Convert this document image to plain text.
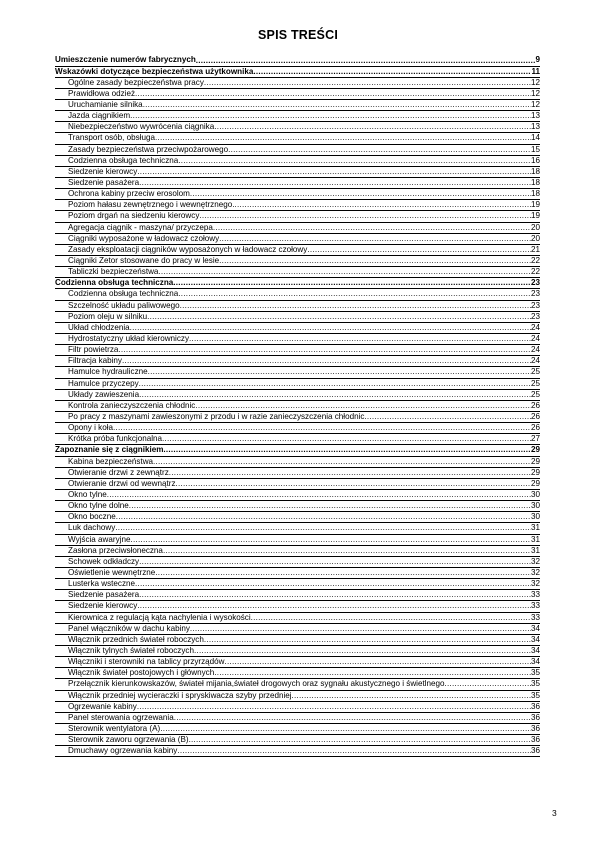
SPIS TREŚCI
Umieszczenie numerów fabrycznych .....	9
Wskazówki dotyczące bezpieczeństwa użytkownika .....	11
Ogólne zasady bezpieczeństwa pracy .....	12
Prawidłowa odzież .....	12
Uruchamianie silnika .....	12
Jazda ciągnikiem .....	13
Niebezpieczeństwo wywrócenia ciągnika .....	13
Transport osób, obsługa .....	14
Zasady bezpieczeństwa przeciwpożarowego .....	15
Codzienna obsługa techniczna .....	16
Siedzenie kierowcy .....	18
Siedzenie pasażera .....	18
Ochrona kabiny przeciw erosolom .....	18
Poziom hałasu zewnętrznego i wewnętrznego. .....	19
Poziom drgań na siedzeniu kierowcy .....	19
Agregacja ciągnik - maszyna/ przyczepa .....	20
Ciągniki wyposażone w ładowacz czołowy .....	20
Zasady eksploatacji ciągników wyposażonych w ładowacz czołowy .....	21
Ciągniki Zetor stosowane do pracy w lesie .....	22
Tabliczki bezpieczeństwa .....	22
Codzienna obsługa techniczna .....	23
Codzienna obsługa techniczna .....	23
Szczelność układu paliwowego .....	23
Poziom oleju w silniku .....	23
Układ chłodzenia .....	24
Hydrostatyczny układ kierowniczy .....	24
Filtr powietrza .....	24
Filtracja kabiny .....	24
Hamulce hydrauliczne .....	25
Hamulce przyczepy .....	25
Układy zawieszenia .....	25
Kontrola zanieczyszczenia chłodnic .....	26
Po pracy z maszynami zawieszonymi z przodu i w razie zanieczyszczenia chłodnic .....	26
Opony i koła .....	26
Krótka próba funkcjonalna .....	27
Zapoznanie się z ciągnikiem .....	29
Kabina bezpieczeństwa .....	29
Otwieranie drzwi z zewnątrz .....	29
Otwieranie drzwi od wewnątrz .....	29
Okno tylne .....	30
Okno tylne dolne .....	30
Okno boczne .....	30
Luk dachowy .....	31
Wyjścia awaryjne .....	31
Zasłona przeciwsłoneczna .....	31
Schowek odkładczy .....	32
Oświetlenie wewnętrzne .....	32
Lusterka wsteczne .....	32
Siedzenie pasażera .....	33
Siedzenie kierowcy .....	33
Kierownica z regulacją kąta nachylenia i wysokości .....	33
Panel włączników w dachu kabiny .....	34
Włącznik przednich świateł roboczych .....	34
Włącznik tylnych świateł roboczych .....	34
Włączniki i sterowniki na tablicy przyrządów .....	34
Włącznik świateł postojowych i głównych .....	35
Przełącznik kierunkowskazów, świateł mijania,świateł drogowych oraz sygnału akustycznego i świetlnego .....	35
Włącznik przedniej wycieraczki i spryskiwacza szyby przedniej .....	35
Ogrzewanie kabiny .....	36
Panel sterowania ogrzewania .....	36
Sterownik wentylatora (A) .....	36
Sterownik zaworu ogrzewania (B) .....	36
Dmuchawy ogrzewania kabiny .....	36
3
